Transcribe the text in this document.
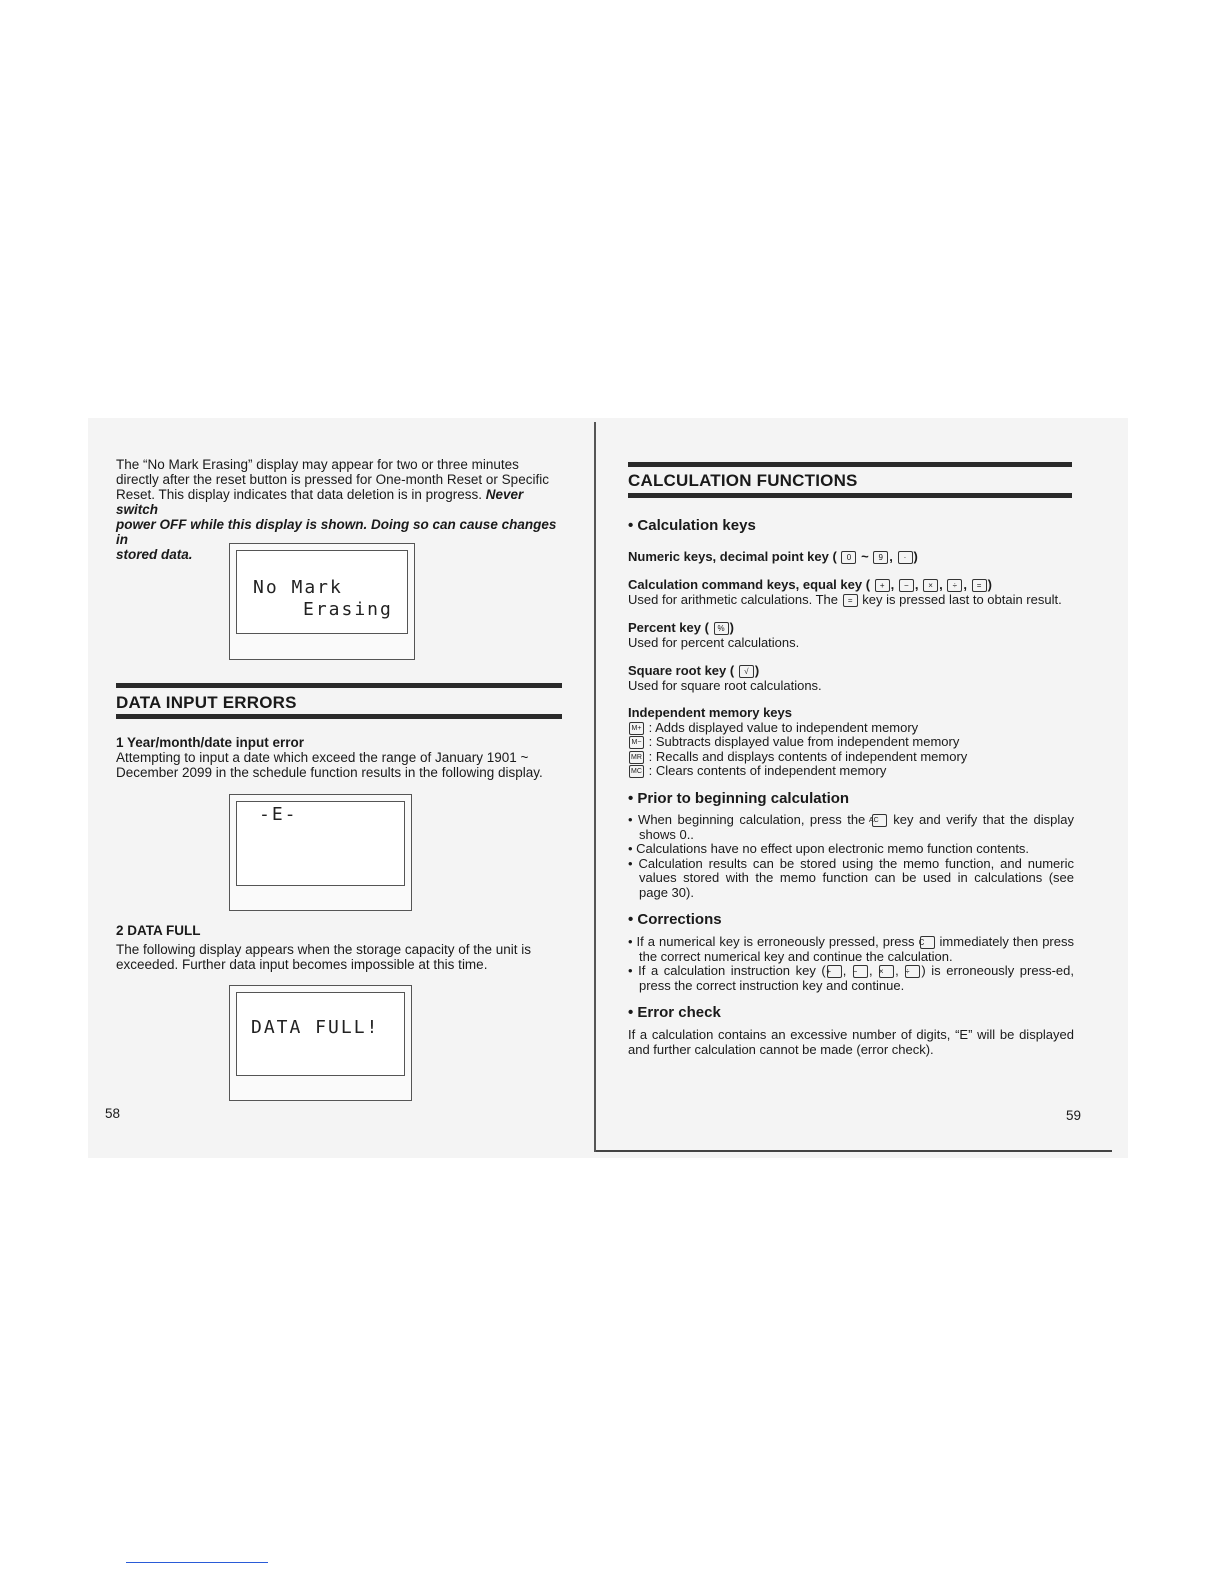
The “No Mark Erasing” display may appear for two or three minutes

directly after the reset button is pressed for One-month Reset or Specific

Reset. This display indicates that data deletion is in progress. Never switch

power OFF while this display is shown. Doing so can cause changes in

stored data.

No Mark
Erasing
DATA INPUT ERRORS

1 Year/month/date input error

Attempting to input a date which exceed the range of January 1901 ~

December 2099 in the schedule function results in the following display.

-E-

2 DATA FULL

The following display appears when the storage capacity of the unit is

exceeded. Further data input becomes impossible at this time.

DATA FULL!
58
CALCULATION FUNCTIONS
• Calculation keys

Numeric keys, decimal point key ( 0 ~ 9 , · )

Calculation command keys, equal key ( + , − , × , ÷ , = )

Used for arithmetic calculations. The = key is pressed last to obtain result.

Percent key ( % )

Used for percent calculations.

Square root key ( √ )

Used for square root calculations.

Independent memory keys

M+ : Adds displayed value to independent memory

M− : Subtracts displayed value from independent memory

MR : Recalls and displays contents of independent memory

MC : Clears contents of independent memory

• Prior to beginning calculation

• When beginning calculation, press the AC key and verify that the display shows 0..

• Calculations have no effect upon electronic memo function contents.

• Calculation results can be stored using the memo function, and numeric values stored with the memo function can be used in calculations (see page 30).

• Corrections

• If a numerical key is erroneously pressed, press C immediately then press the correct numerical key and continue the calculation.

• If a calculation instruction key (+ , − , × , ÷ ) is erroneously press-ed, press the correct instruction key and continue.

• Error check
If a calculation contains an excessive number of digits, “E” will be displayed and further calculation cannot be made (error check).
59
